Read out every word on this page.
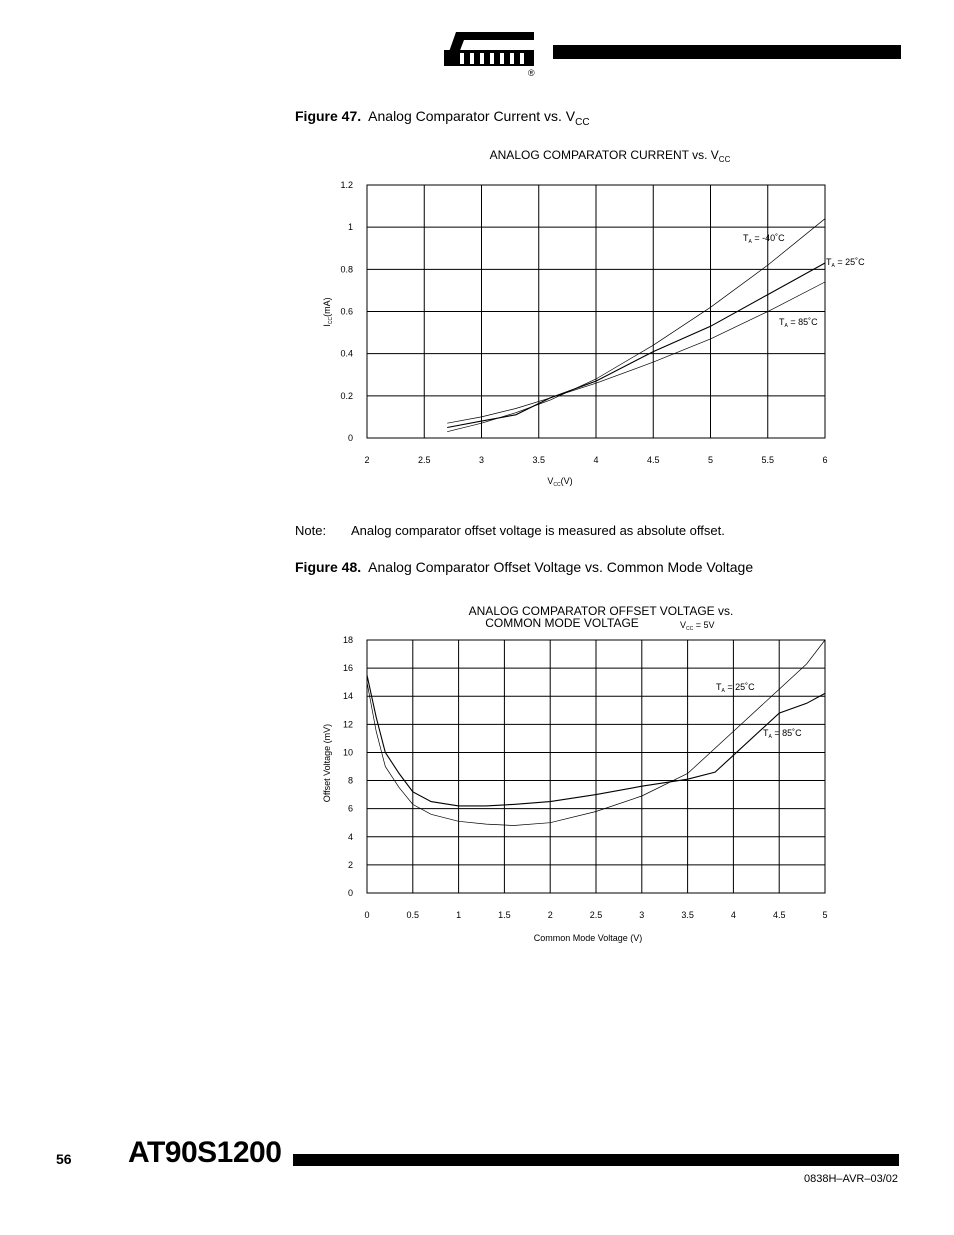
®
Figure 47. Analog Comparator Current vs. $V_{CC}$
ANALOG COMPARATOR CURRENT vs. $V_{CC}$
0
0.2
0.4
0.6
0.8
1
1.2
2	2.5	3	3.5	4	4.5	5	5.5	6
$T_A$ = -40˚C
$T_A$ = 25˚C
$T_A$ = 85˚C
$V_{CC}(V)$
$I_{CC}(mA)$
Note: Analog comparator offset voltage is measured as absolute offset.
Figure 48. Analog Comparator Offset Voltage vs. Common Mode Voltage
ANALOG COMPARATOR OFFSET VOLTAGE vs.
COMMON MODE VOLTAGE	$V_{CC} = 5V$
0
2
4
6
8
10
12
14
16
18
0	0.5	1	1.5	2	2.5	3	3.5	4	4.5	5
$T_A$ = 25˚C
$T_A$ = 85˚C
Common Mode Voltage (V)
Offset Voltage (mV)
56 AT90S1200
0838H–AVR–03/02
